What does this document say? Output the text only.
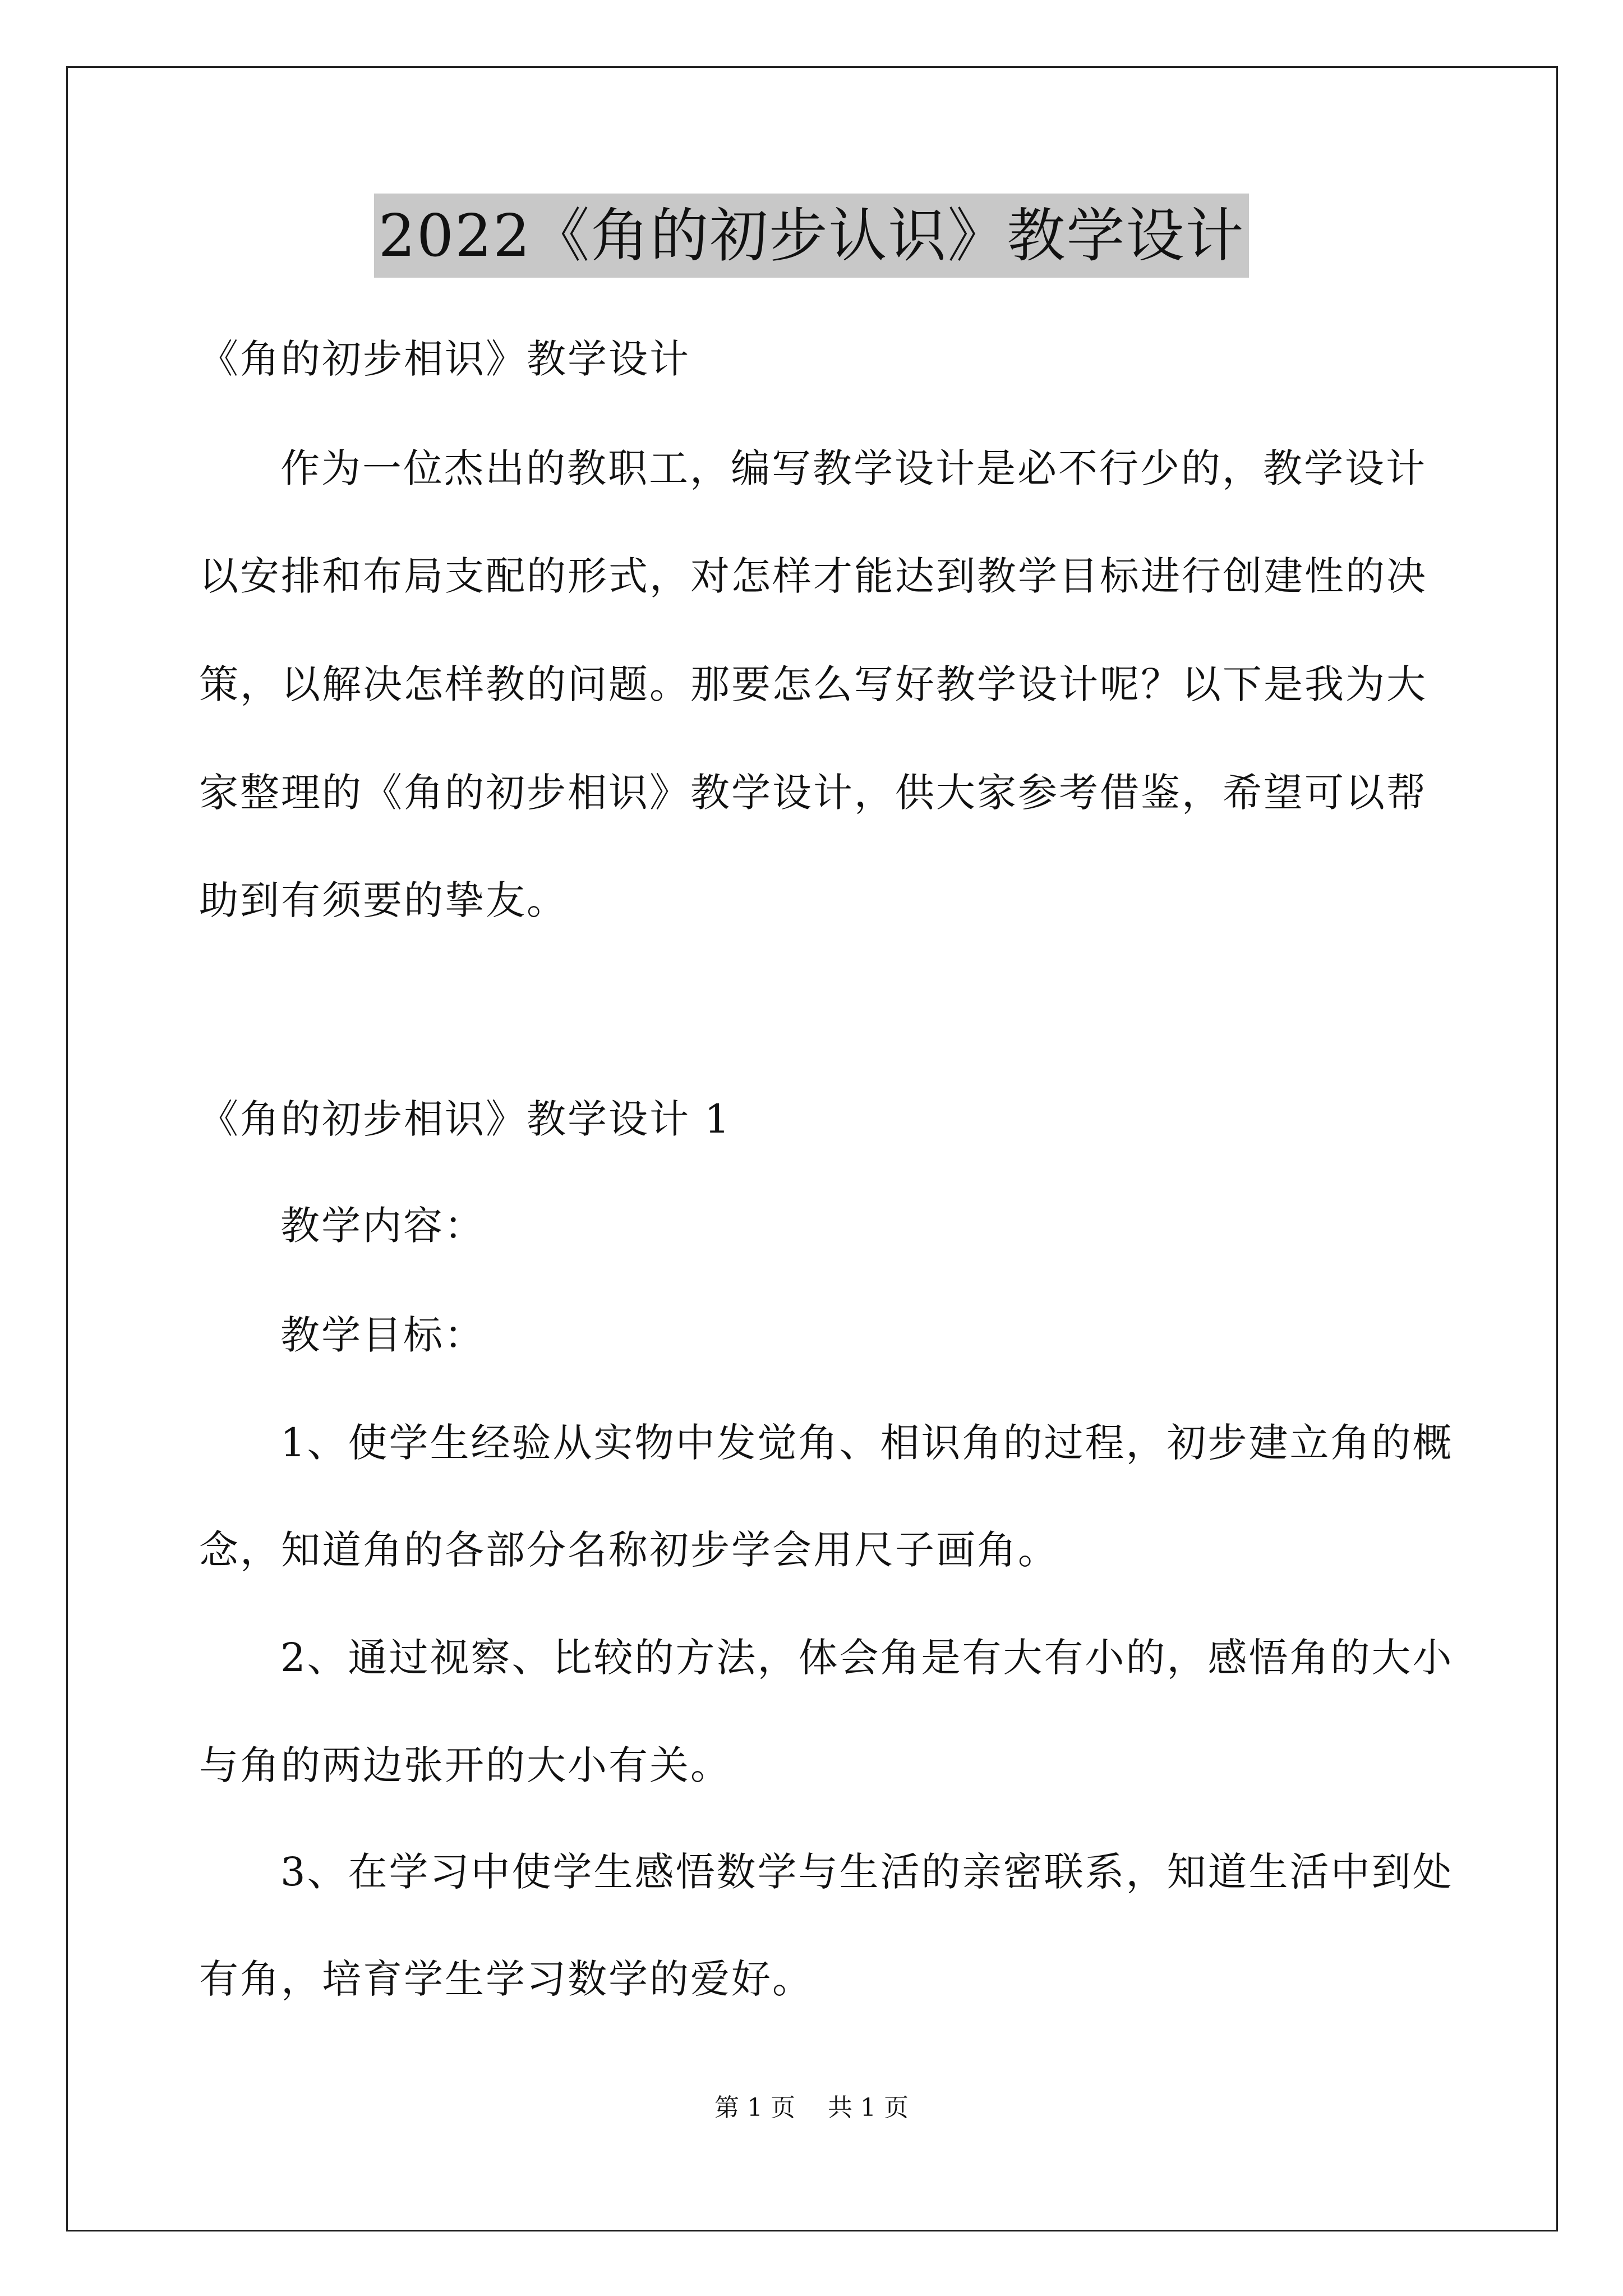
2022《角的初步认识》教学设计
《角的初步相识》教学设计
作为一位杰出的教职工，编写教学设计是必不行少的，教学设计
以安排和布局支配的形式，对怎样才能达到教学目标进行创建性的决
策，以解决怎样教的问题。那要怎么写好教学设计呢？以下是我为大
家整理的《角的初步相识》教学设计，供大家参考借鉴，希望可以帮
助到有须要的挚友。
《角的初步相识》教学设计 1
教学内容：
教学目标：
1、使学生经验从实物中发觉角、相识角的过程，初步建立角的概
念，知道角的各部分名称初步学会用尺子画角。
2、通过视察、比较的方法，体会角是有大有小的，感悟角的大小
与角的两边张开的大小有关。
3、在学习中使学生感悟数学与生活的亲密联系，知道生活中到处
有角，培育学生学习数学的爱好。
第 1 页 共 1 页
